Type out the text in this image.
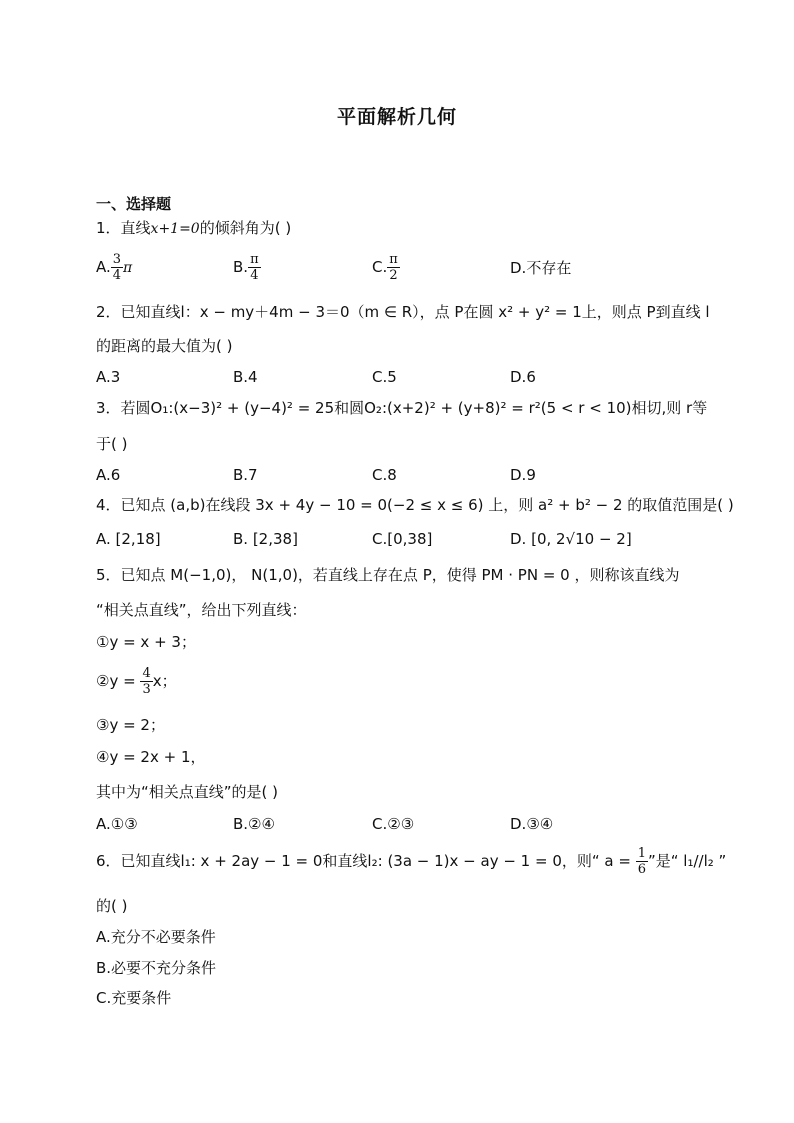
平面解析几何
一、选择题
1．直线x+1=0的倾斜角为( )
A. $\frac{3}{4}$ π	B. $\frac{\pi}{4}$	C. $\frac{\pi}{2}$	D.不存在
2．已知直线l：x − my＋4m − 3＝0（m ∈ R），点 P在圆 x² + y² = 1上，则点 P到直线 l
的距离的最大值为( )
A.3	B.4	C.5	D.6
3．若圆O₁:(x−3)² + (y−4)² = 25和圆O₂:(x+2)² + (y+8)² = r²(5 < r < 10)相切,则 r等
于( )
A.6	B.7	C.8	D.9
4．已知点 (a,b)在线段 3x + 4y − 10 = 0(−2 ≤ x ≤ 6) 上，则 a² + b² − 2 的取值范围是( )
A. [2,18]	B. [2,38]	C.[0,38]	D. [0, 2√10 − 2]
5．已知点 M(−1,0)， N(1,0)，若直线上存在点 P，使得 PM · PN = 0 ，则称该直线为
“相关点直线”，给出下列直线：
①y = x + 3；
②y = $\frac{4}{3}$ x；
③y = 2；
④y = 2x + 1，
其中为“相关点直线”的是( )
A.①③	B.②④	C.②③	D.③④
6．已知直线l₁: x + 2ay − 1 = 0和直线l₂: (3a − 1)x − ay − 1 = 0，则“ $a = \frac{1}{6}$ ”是“ l₁//l₂ ”
的( )
A.充分不必要条件
B.必要不充分条件
C.充要条件
